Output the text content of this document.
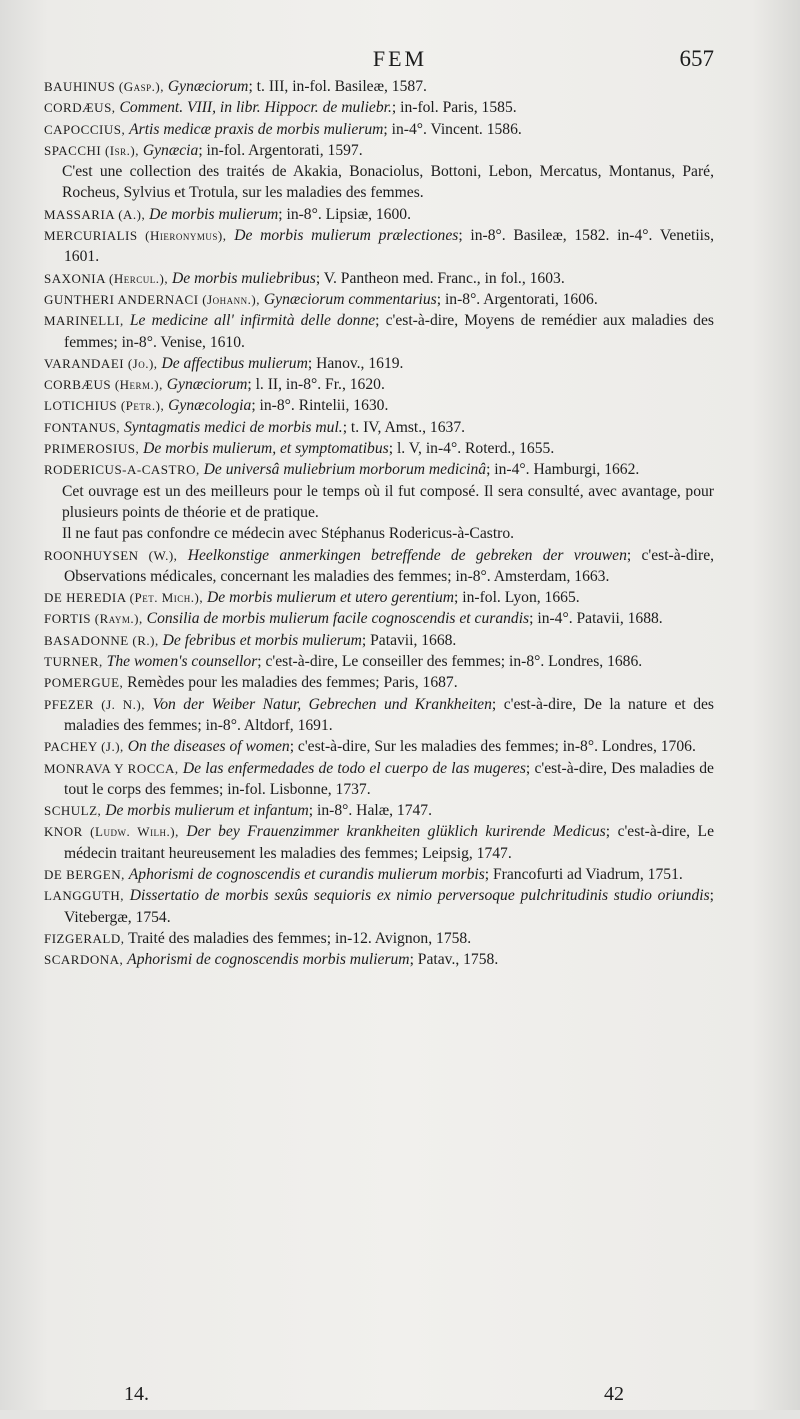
FEM	657
BAUHINUS (Gasp.), Gynæciorum; t. III, in-fol. Basileæ, 1587.
CORDÆUS, Comment. VIII, in libr. Hippocr. de muliebr.; in-fol. Paris, 1585.
CAPOCCIUS, Artis medicæ praxis de morbis mulierum; in-4°. Vincent. 1586.
SPACCHI (Isr.), Gynæcia; in-fol. Argentorati, 1597.
C'est une collection des traités de Akakia, Bonaciolus, Bottoni, Lebon, Mercatus, Montanus, Paré, Rocheus, Sylvius et Trotula, sur les maladies des femmes.
MASSARIA (A.), De morbis mulierum; in-8°. Lipsiæ, 1600.
MERCURIALIS (Hieronymus), De morbis mulierum prælectiones; in-8°. Basileæ, 1582. in-4°. Venetiis, 1601.
SAXONIA (Hercul.), De morbis muliebribus; V. Pantheon med. Franc., in fol., 1603.
GUNTHERI ANDERNACI (Johann.), Gynæciorum commentarius; in-8°. Argentorati, 1606.
MARINELLI, Le medicine all' infirmità delle donne; c'est-à-dire, Moyens de remédier aux maladies des femmes; in-8°. Venise, 1610.
VARANDAEI (Jo.), De affectibus mulierum; Hanov., 1619.
CORBÆUS (Herm.), Gynæciorum; l. II, in-8°. Fr., 1620.
LOTICHIUS (Petr.), Gynæcologia; in-8°. Rintelii, 1630.
FONTANUS, Syntagmatis medici de morbis mul.; t. IV, Amst., 1637.
PRIMEROSIUS, De morbis mulierum, et symptomatibus; l. V, in-4°. Roterd., 1655.
RODERICUS-A-CASTRO, De universâ muliebrium morborum medicinâ; in-4°. Hamburgi, 1662.
Cet ouvrage est un des meilleurs pour le temps où il fut composé. Il sera consulté, avec avantage, pour plusieurs points de théorie et de pratique.
Il ne faut pas confondre ce médecin avec Stéphanus Rodericus-à-Castro.
ROONHUYSEN (W.), Heelkonstige anmerkingen betreffende de gebreken der vrouwen; c'est-à-dire, Observations médicales, concernant les maladies des femmes; in-8°. Amsterdam, 1663.
DE HEREDIA (Pet. Mich.), De morbis mulierum et utero gerentium; in-fol. Lyon, 1665.
FORTIS (Raym.), Consilia de morbis mulierum facile cognoscendis et curandis; in-4°. Patavii, 1688.
BASADONNE (R.), De febribus et morbis mulierum; Patavii, 1668.
TURNER, The women's counsellor; c'est-à-dire, Le conseiller des femmes; in-8°. Londres, 1686.
POMERGUE, Remèdes pour les maladies des femmes; Paris, 1687.
PFEZER (J. N.), Von der Weiber Natur, Gebrechen und Krankheiten; c'est-à-dire, De la nature et des maladies des femmes; in-8°. Altdorf, 1691.
PACHEY (J.), On the diseases of women; c'est-à-dire, Sur les maladies des femmes; in-8°. Londres, 1706.
MONRAVA Y ROCCA, De las enfermedades de todo el cuerpo de las mugeres; c'est-à-dire, Des maladies de tout le corps des femmes; in-fol. Lisbonne, 1737.
SCHULZ, De morbis mulierum et infantum; in-8°. Halæ, 1747.
KNOR (Ludw. Wilh.), Der bey Frauenzimmer krankheiten glüklich kurirende Medicus; c'est-à-dire, Le médecin traitant heureusement les maladies des femmes; Leipsig, 1747.
DE BERGEN, Aphorismi de cognoscendis et curandis mulierum morbis; Francofurti ad Viadrum, 1751.
LANGGUTH, Dissertatio de morbis sexûs sequioris ex nimio perversoque pulchritudinis studio oriundis; Vitebergæ, 1754.
FIZGERALD, Traité des maladies des femmes; in-12. Avignon, 1758.
SCARDONA, Aphorismi de cognoscendis morbis mulierum; Patav., 1758.
14.	42
